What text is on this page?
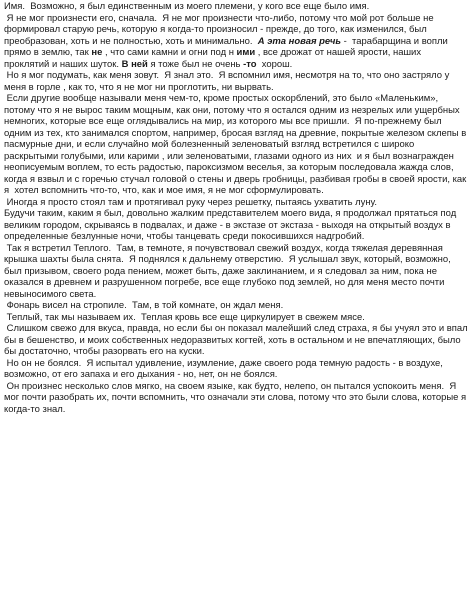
Имя.  Возможно, я был единственным из моего племени, у кого все еще было имя.
Я не мог произнести его, сначала.  Я не мог произнести что-либо, потому что мой рот больше не формировал старую речь, которую я когда-то произносил - прежде, до того, как изменился, был преобразован, хоть и не полностью, хоть и минимально.  А эта новая речь -  тарабарщина и вопли прямо в землю, так не , что сами камни и огни под н ими , все дрожат от нашей ярости, наших проклятий и наших шуток. В ней я тоже был не очень -то  хорош.

Но я мог подумать, как меня зовут.  Я знал это.  Я вспомнил имя, несмотря на то, что оно застряло у меня в горле , как то, что я не мог ни проглотить, ни вырвать.
Если другие вообще называли меня чем-то, кроме простых оскорблений, это было «Маленьким», потому что я не вырос таким мощным, как они, потому что я остался одним из незрелых или ущербных   немногих, которые все еще оглядывались на мир, из которого мы все пришли.  Я по-прежнему был одним из тех, кто занимался спортом, например, бросая взгляд на древние, покрытые железом склепы в пасмурные дни, и если случайно мой болезненный зеленоватый взгляд встретился с широко раскрытыми голубыми, или карими , или зеленоватыми, глазами одного из них  и я был вознагражден неописуемым воплем, то есть радостью, пароксизмом веселья, за которым последовала жажда слов, когда я взвыл и с горечью стучал головой о стены и дверь гробницы, разбивая гробы в своей ярости, как я  хотел вспомнить что-то, что, как и мое имя, я не мог сформулировать.
Иногда я просто стоял там и протягивал руку через решетку, пытаясь ухватить луну.
Будучи таким, каким я был, довольно жалким представителем моего вида, я продолжал прятаться под великим городом, скрываясь в подвалах, и даже - в экстазе от экстаза - выходя на открытый воздух в определенные безлунные ночи, чтобы танцевать среди покосившихся надгробий.
Так я встретил Теплого.  Там, в темноте, я почувствовал свежий воздух, когда тяжелая деревянная крышка шахты была снята.  Я поднялся к дальнему отверстию.  Я услышал звук, который, возможно, был призывом, своего рода пением, может быть, даже заклинанием, и я следовал за ним, пока не оказался в древнем и разрушенном погребе, все еще глубоко под землей, но для меня место почти невыносимого света.
Фонарь висел на стропиле.  Там, в той комнате, он ждал меня.
Теплый, так мы называем их.  Теплая кровь все еще циркулирует в свежем мясе.
Слишком свежо для вкуса, правда, но если бы он показал малейший след страха, я бы учуял это и впал бы в бешенство, и моих собственных недоразвитых когтей, хоть в остальном и не впечатляющих, было бы достаточно, чтобы разорвать его на куски.
Но он не боялся.  Я испытал удивление, изумление, даже своего рода темную радость - в воздухе, возможно, от его запаха и его дыхания - но, нет, он не боялся.
Он произнес несколько слов мягко, на своем языке, как будто, нелепо, он пытался успокоить меня.  Я мог почти разобрать их, почти вспомнить, что означали эти слова, потому что это были слова, которые я когда-то знал.
